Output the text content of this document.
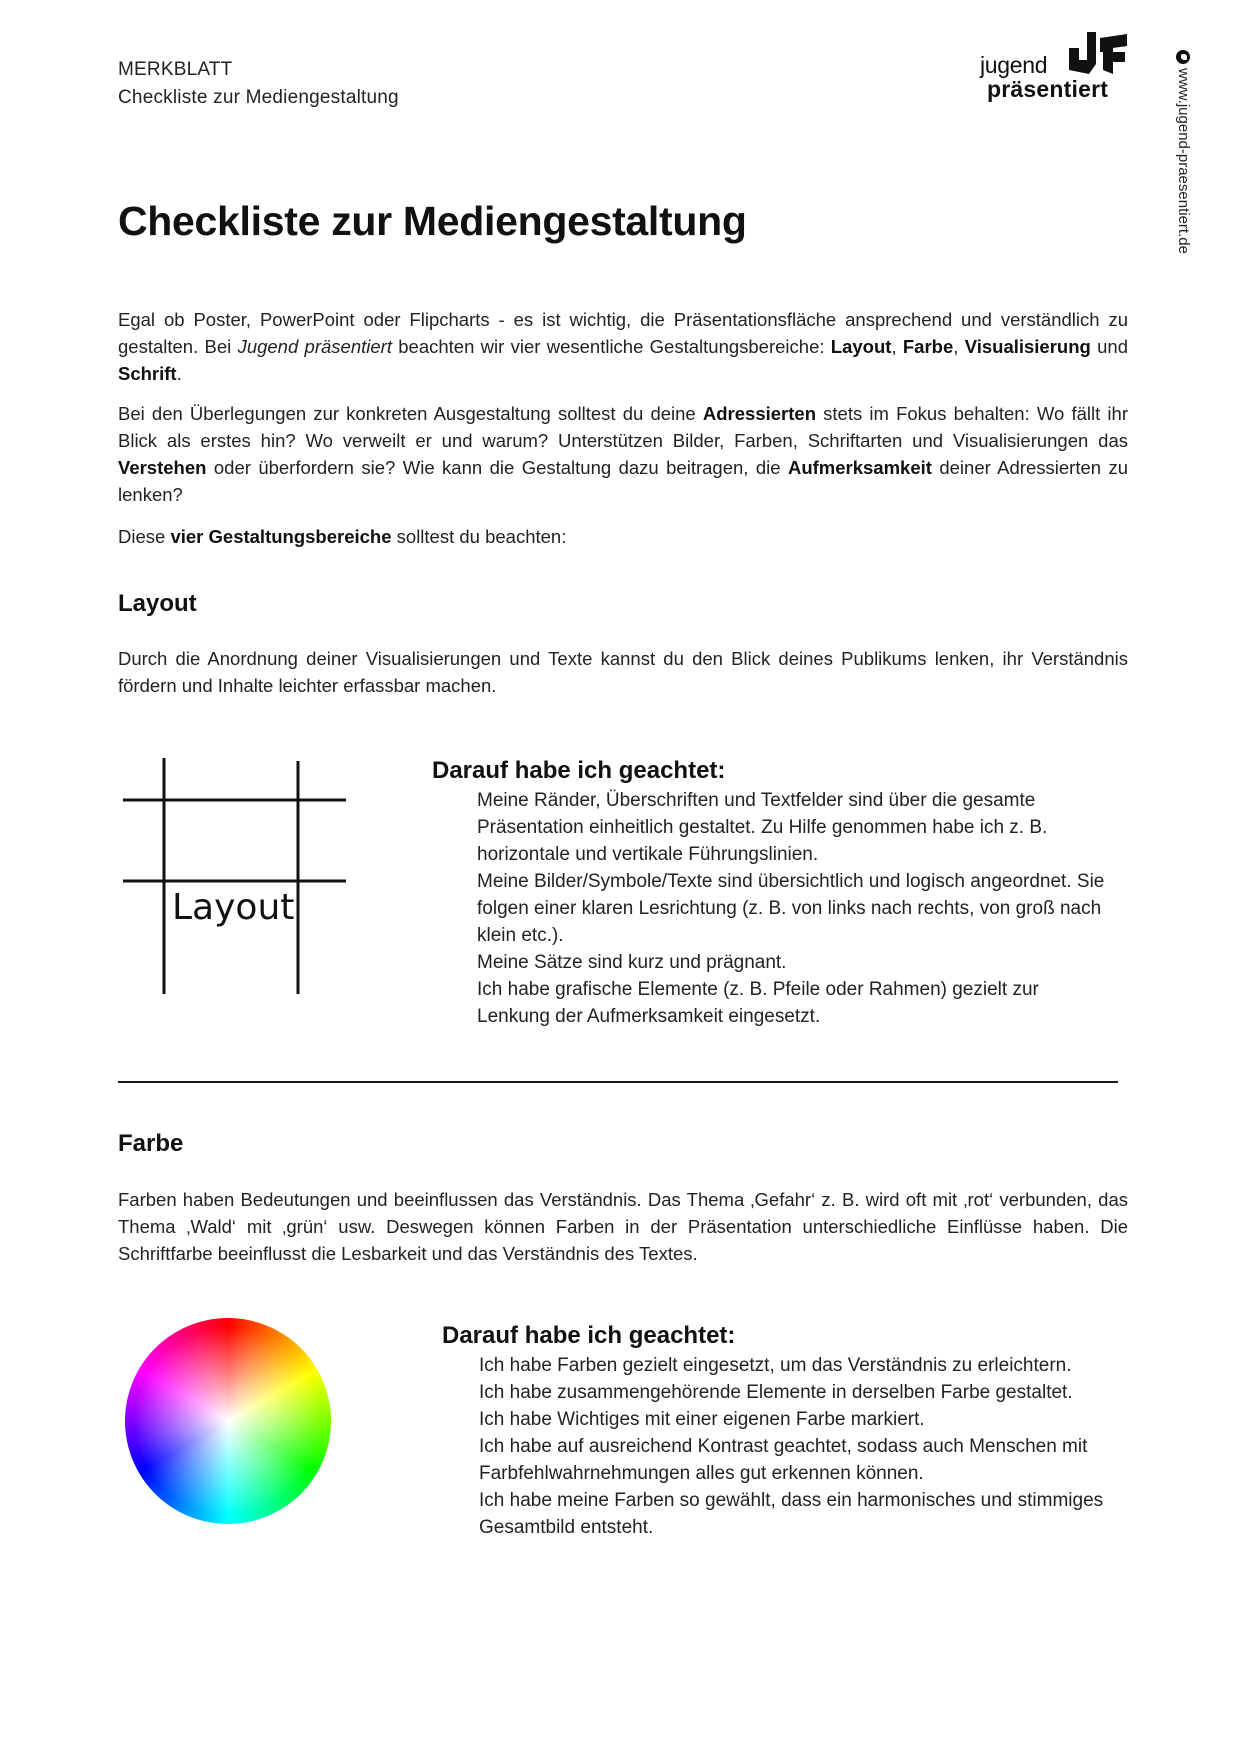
MERKBLATT
Checkliste zur Mediengestaltung
jugend
präsentiert	www.jugend-praesentiert.de
Checkliste zur Mediengestaltung
Egal ob Poster, PowerPoint oder Flipcharts - es ist wichtig, die Präsentationsfläche ansprechend und verständlich zu gestalten. Bei Jugend präsentiert beachten wir vier wesentliche Gestaltungsbereiche: Layout, Farbe, Visualisierung und Schrift.
Bei den Überlegungen zur konkreten Ausgestaltung solltest du deine Adressierten stets im Fokus behalten: Wo fällt ihr Blick als erstes hin? Wo verweilt er und warum? Unterstützen Bilder, Farben, Schriftarten und Visualisierungen das Verstehen oder überfordern sie? Wie kann die Gestaltung dazu beitragen, die Aufmerksamkeit deiner Adressierten zu lenken?
Diese vier Gestaltungsbereiche solltest du beachten:
Layout
Durch die Anordnung deiner Visualisierungen und Texte kannst du den Blick deines Publikums lenken, ihr Verständnis fördern und Inhalte leichter erfassbar machen.
Layout
Darauf habe ich geachtet:
Meine Ränder, Überschriften und Textfelder sind über die gesamte Präsentation einheitlich gestaltet. Zu Hilfe genommen habe ich z. B. horizontale und vertikale Führungslinien.
Meine Bilder/Symbole/Texte sind übersichtlich und logisch angeordnet. Sie folgen einer klaren Lesrichtung (z. B. von links nach rechts, von groß nach klein etc.).
Meine Sätze sind kurz und prägnant.
Ich habe grafische Elemente (z. B. Pfeile oder Rahmen) gezielt zur Lenkung der Aufmerksamkeit eingesetzt.
Farbe
Farben haben Bedeutungen und beeinflussen das Verständnis. Das Thema ‚Gefahr‘ z. B. wird oft mit ‚rot‘ verbunden, das Thema ‚Wald‘ mit ‚grün‘ usw. Deswegen können Farben in der Präsentation unterschiedliche Einflüsse haben. Die Schriftfarbe beeinflusst die Lesbarkeit und das Verständnis des Textes.
Darauf habe ich geachtet:
Ich habe Farben gezielt eingesetzt, um das Verständnis zu erleichtern.
Ich habe zusammengehörende Elemente in derselben Farbe gestaltet.
Ich habe Wichtiges mit einer eigenen Farbe markiert.
Ich habe auf ausreichend Kontrast geachtet, sodass auch Menschen mit Farbfehlwahrnehmungen alles gut erkennen können.
Ich habe meine Farben so gewählt, dass ein harmonisches und stimmiges Gesamtbild entsteht.
